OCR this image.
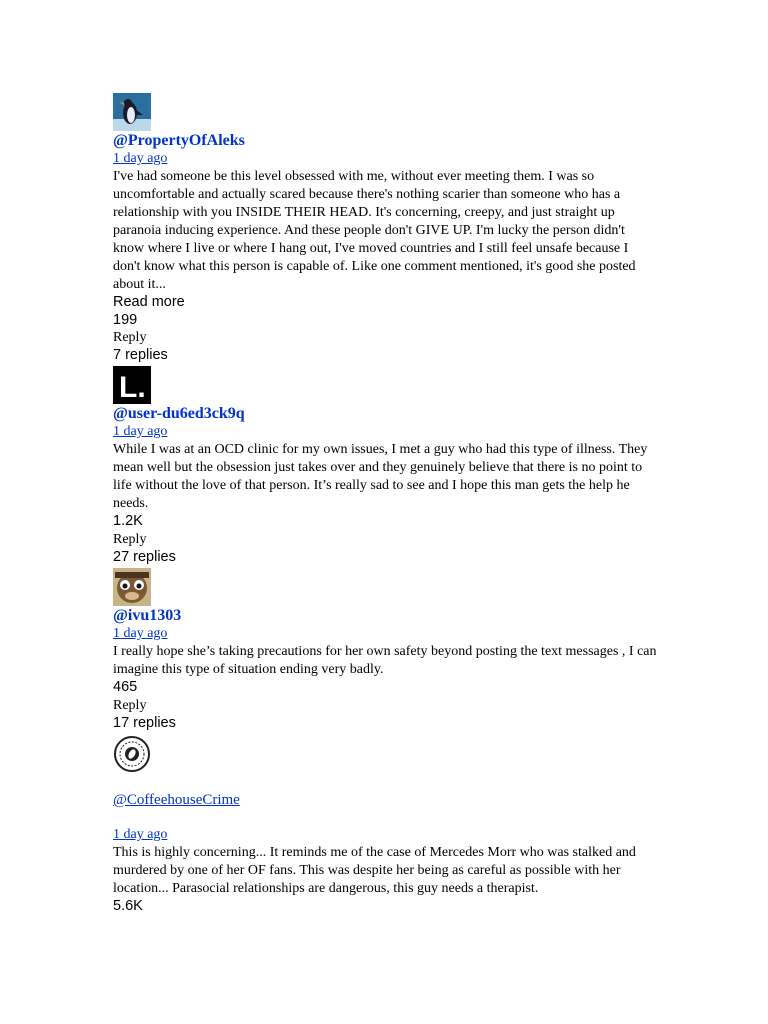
@PropertyOfAleks
1 day ago

I've had someone be this level obsessed with me, without ever meeting them. I was so uncomfortable and actually scared because there's nothing scarier than someone who has a relationship with you INSIDE THEIR HEAD. It's concerning, creepy, and just straight up paranoia inducing experience. And these people don't GIVE UP. I'm lucky the person didn't know where I live or where I hang out, I've moved countries and I still feel unsafe because I don't know what this person is capable of. Like one comment mentioned, it's good she posted about it...

Read more
199
Reply
7 replies
L.
@user-du6ed3ck9q
1 day ago

While I was at an OCD clinic for my own issues, I met a guy who had this type of illness. They mean well but the obsession just takes over and they genuinely believe that there is no point to life without the love of that person. It’s really sad to see and I hope this man gets the help he needs.

1.2K
Reply
27 replies
@ivu1303
1 day ago

I really hope she’s taking precautions for her own safety beyond posting the text messages , I can imagine this type of situation ending very badly.

465
Reply
17 replies
@CoffeehouseCrime
1 day ago

This is highly concerning... It reminds me of the case of Mercedes Morr who was stalked and murdered by one of her OF fans. This was despite her being as careful as possible with her location... Parasocial relationships are dangerous, this guy needs a therapist.

5.6K
